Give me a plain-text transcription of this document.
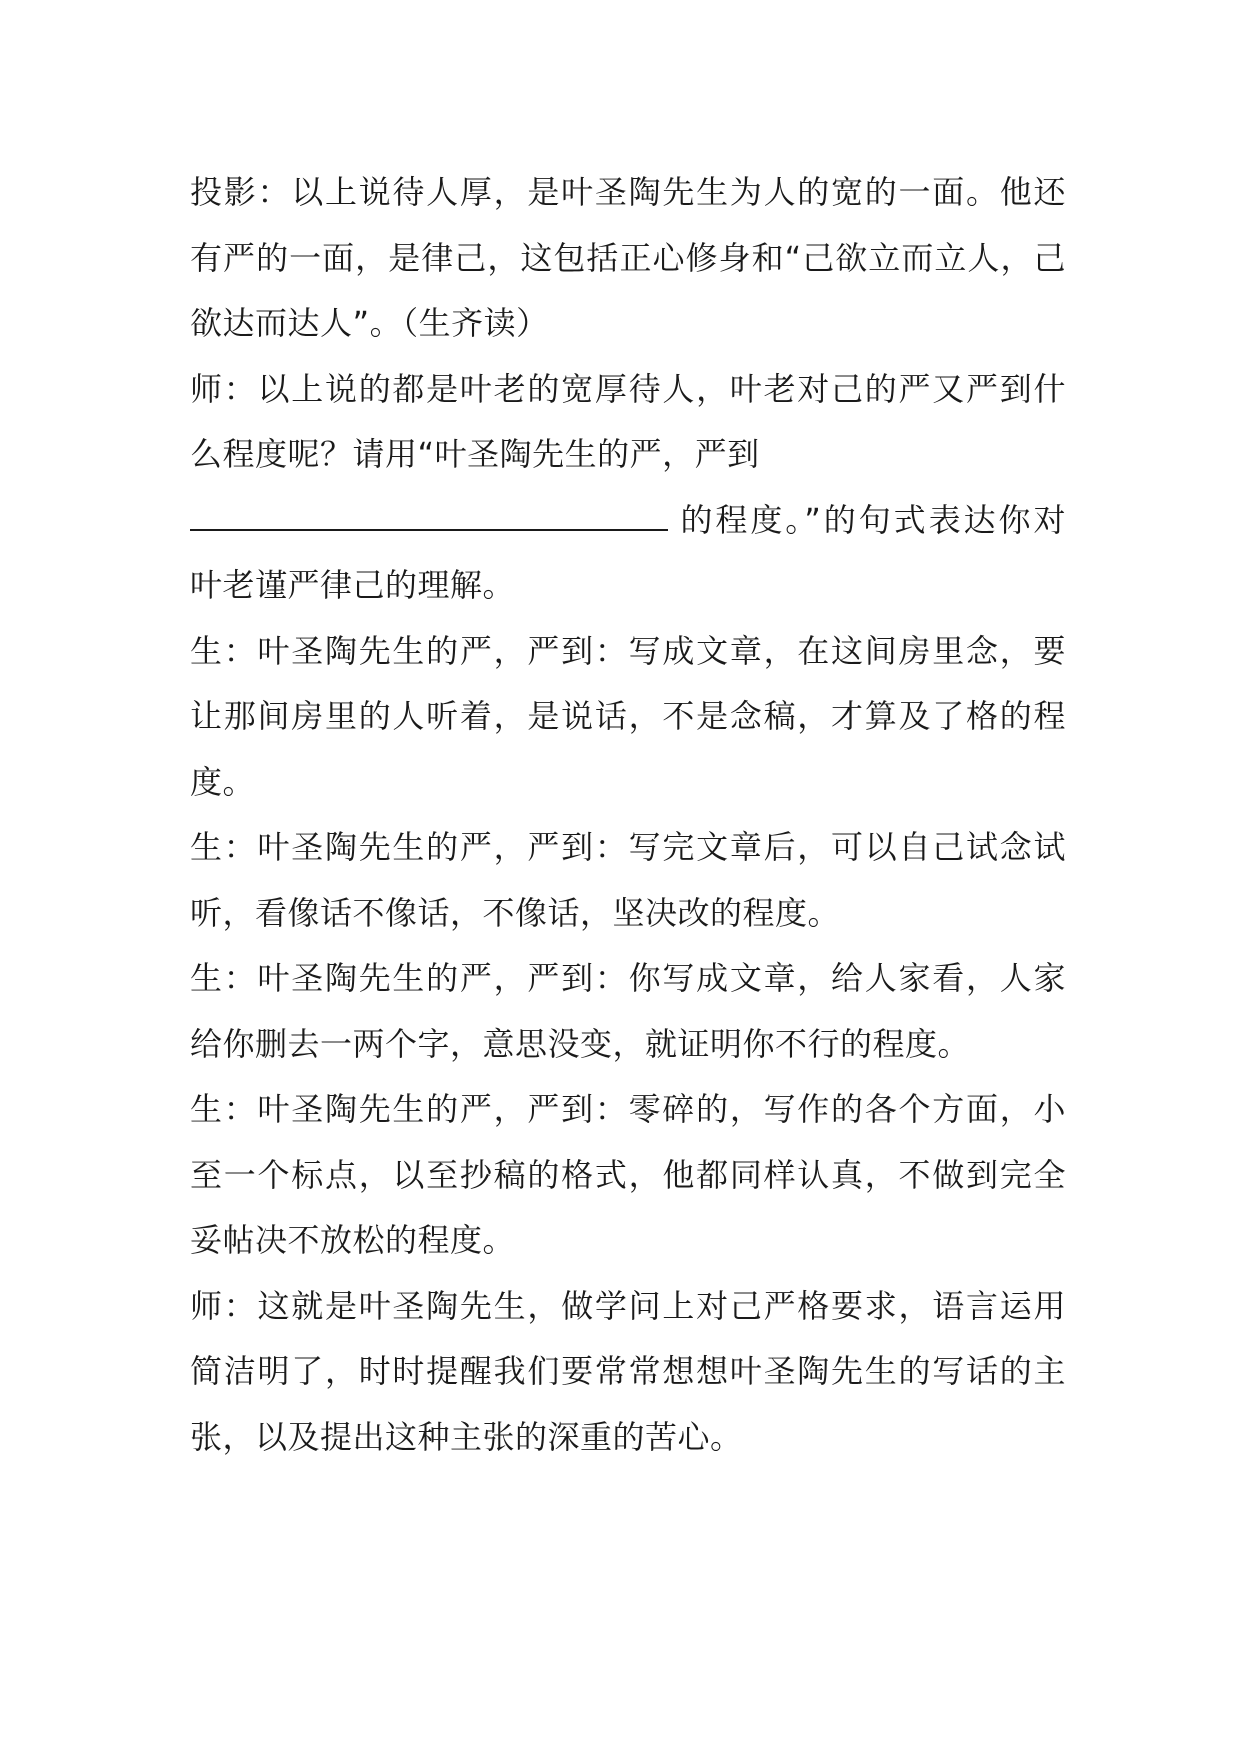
投影：以上说待人厚，是叶圣陶先生为人的宽的一面。他还有严的一面，是律己，这包括正心修身和“己欲立而立人，己欲达而达人”。（生齐读）

师：以上说的都是叶老的宽厚待人，叶老对己的严又严到什么程度呢？请用“叶圣陶先生的严，严到
的程度。”的句式表达你对叶老谨严律己的理解。

生：叶圣陶先生的严，严到：写成文章，在这间房里念，要让那间房里的人听着，是说话，不是念稿，才算及了格的程度。

生：叶圣陶先生的严，严到：写完文章后，可以自己试念试听，看像话不像话，不像话，坚决改的程度。

生：叶圣陶先生的严，严到：你写成文章，给人家看，人家给你删去一两个字，意思没变，就证明你不行的程度。

生：叶圣陶先生的严，严到：零碎的，写作的各个方面，小至一个标点，以至抄稿的格式，他都同样认真，不做到完全妥帖决不放松的程度。

师：这就是叶圣陶先生，做学问上对己严格要求，语言运用简洁明了，时时提醒我们要常常想想叶圣陶先生的写话的主张，以及提出这种主张的深重的苦心。
